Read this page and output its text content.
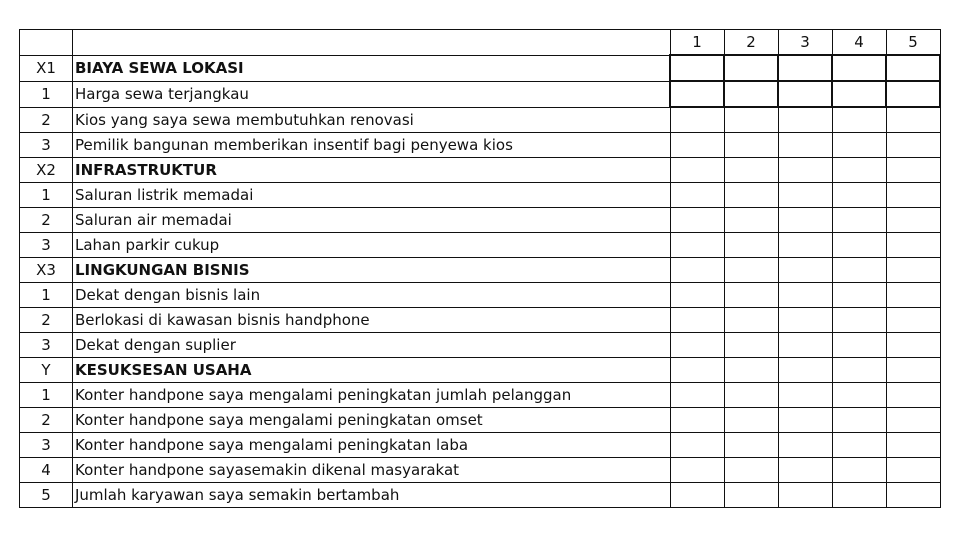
		1	2	3	4	5
X1	BIAYA SEWA LOKASI					
1	Harga sewa terjangkau					
2	Kios yang saya sewa membutuhkan renovasi					
3	Pemilik bangunan memberikan insentif bagi penyewa kios					
X2	INFRASTRUKTUR					
1	Saluran listrik memadai					
2	Saluran air memadai					
3	Lahan parkir cukup					
X3	LINGKUNGAN BISNIS					
1	Dekat dengan bisnis lain					
2	Berlokasi di kawasan bisnis handphone					
3	Dekat dengan suplier					
Y	KESUKSESAN USAHA					
1	Konter handpone saya mengalami peningkatan jumlah pelanggan					
2	Konter handpone saya mengalami peningkatan omset					
3	Konter handpone saya mengalami peningkatan laba					
4	Konter handpone sayasemakin dikenal masyarakat					
5	Jumlah karyawan saya semakin bertambah					
